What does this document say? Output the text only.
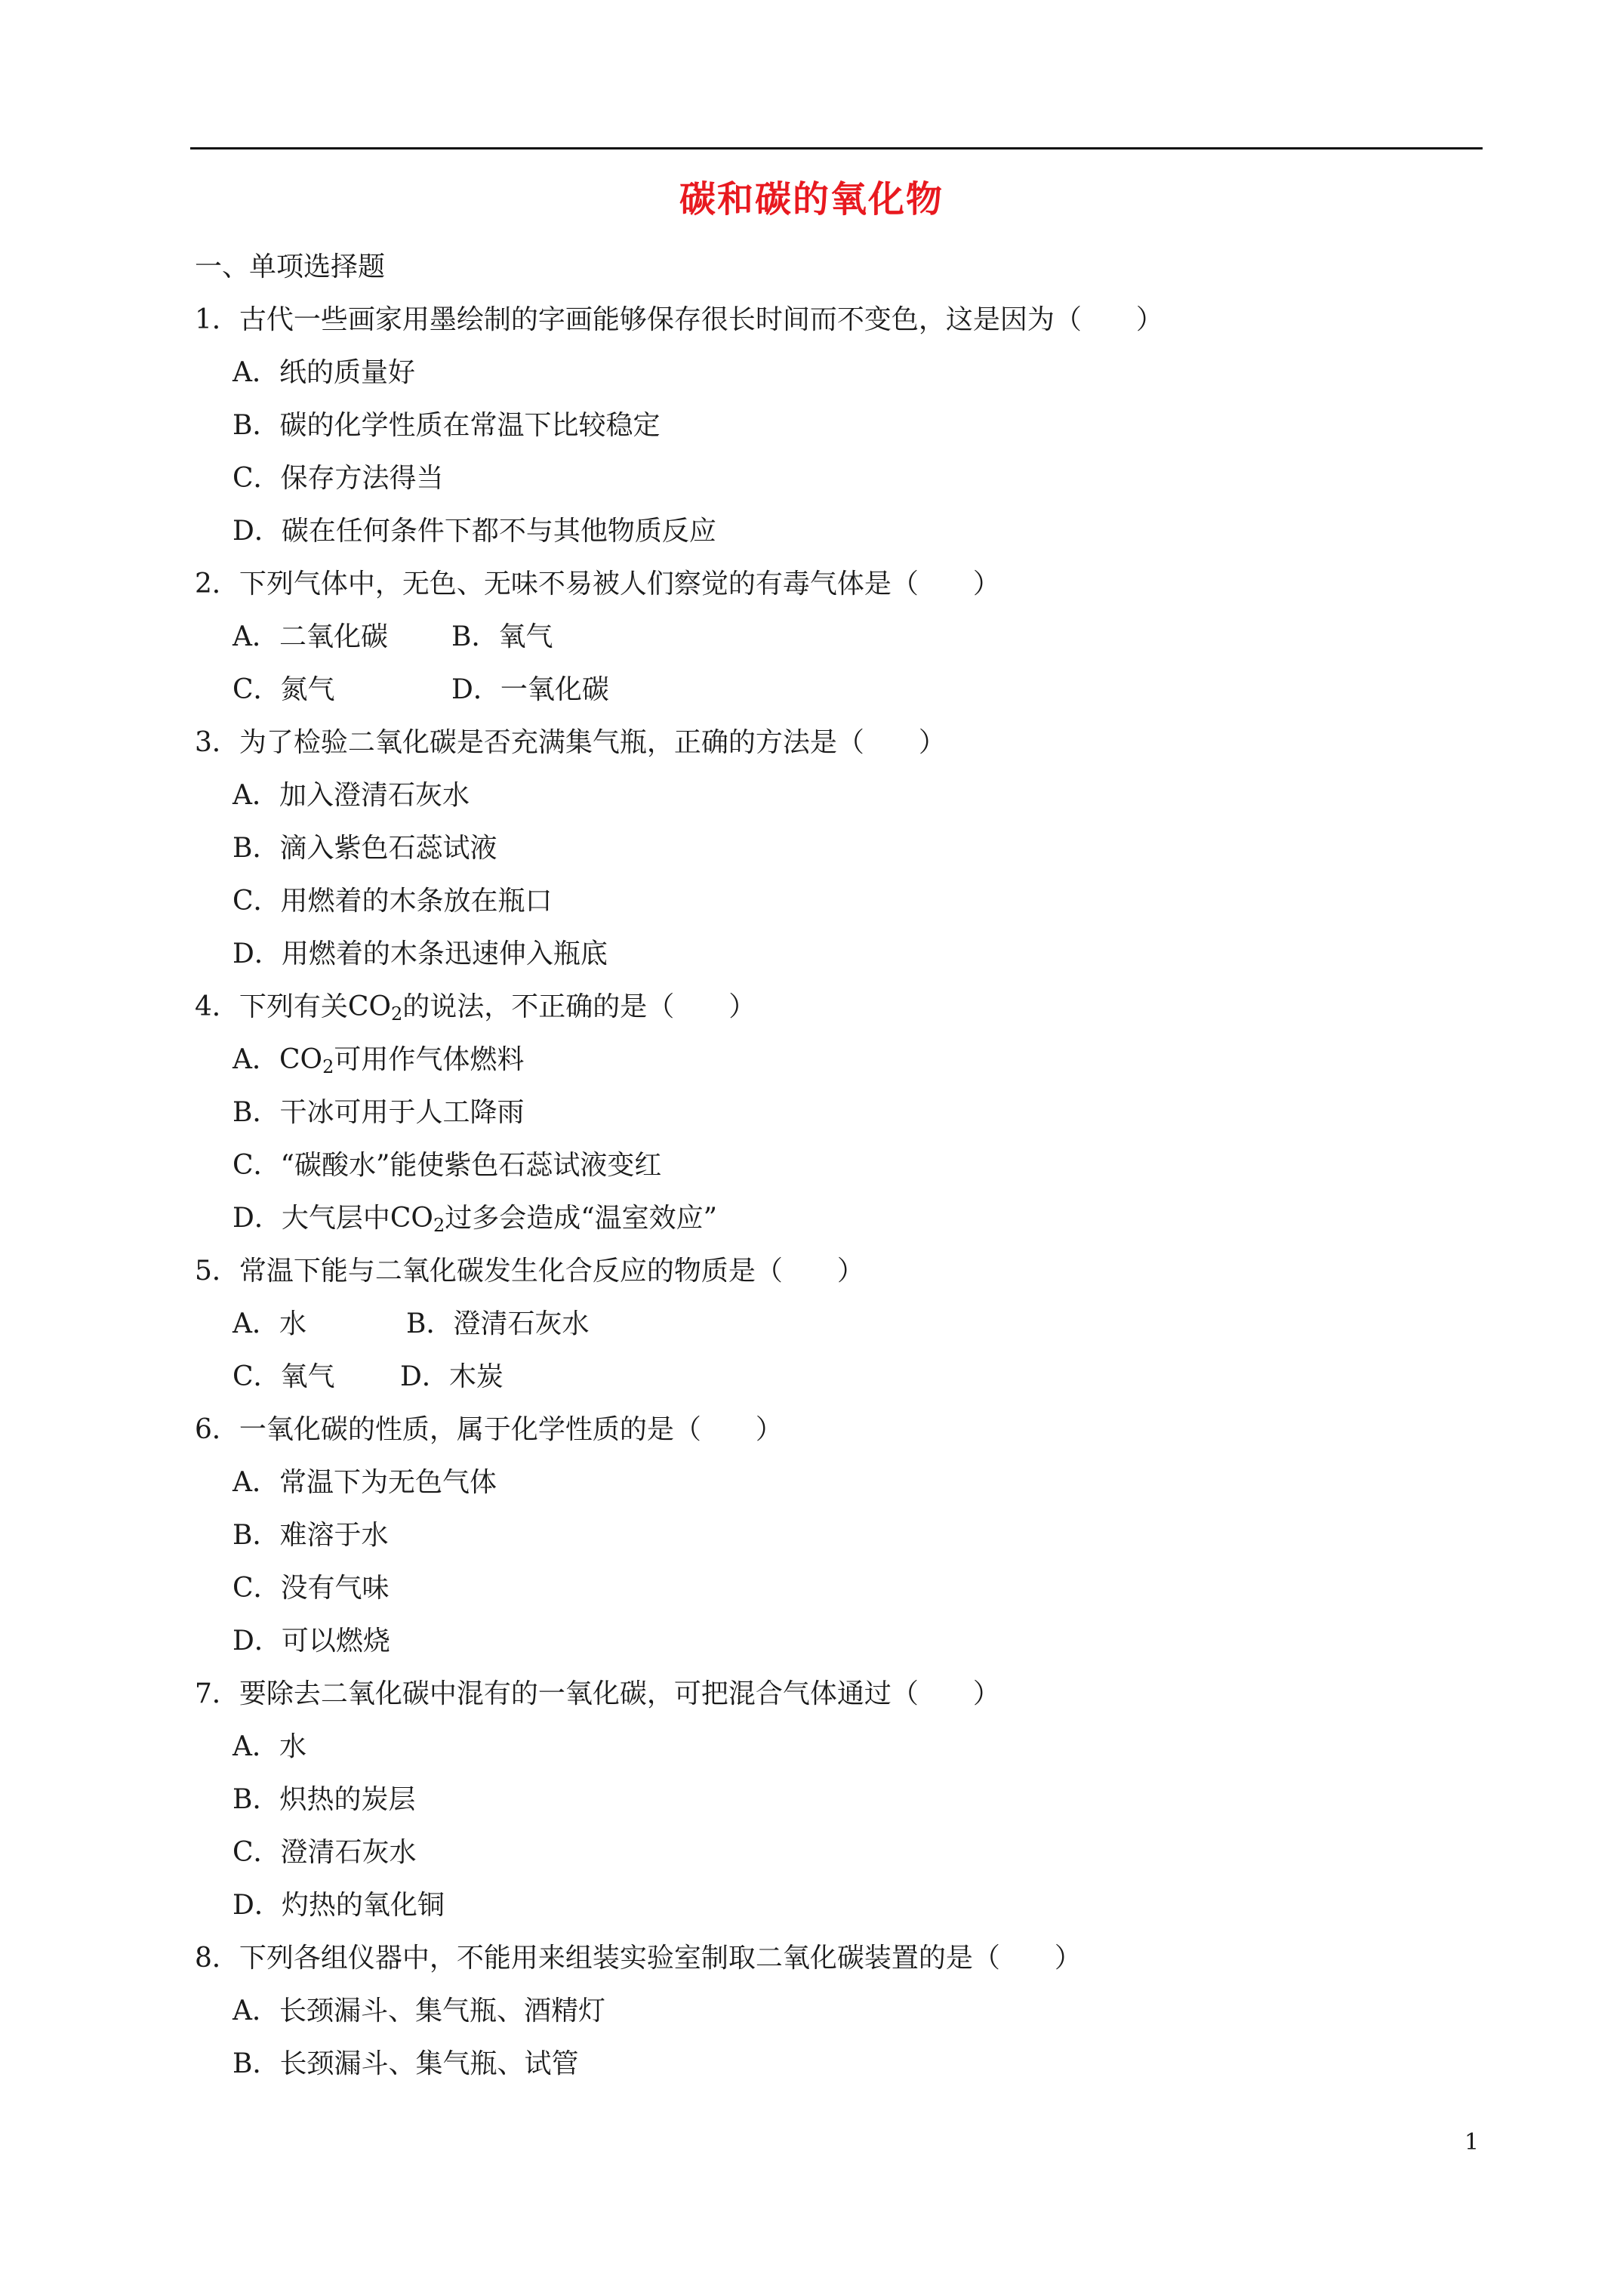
碳和碳的氧化物
一、单项选择题
1．古代一些画家用墨绘制的字画能够保存很长时间而不变色，这是因为（　　）
A．纸的质量好
B．碳的化学性质在常温下比较稳定
C．保存方法得当
D．碳在任何条件下都不与其他物质反应
2．下列气体中，无色、无味不易被人们察觉的有毒气体是（　　）
A．二氧化碳 B．氧气
C．氮气	D．一氧化碳
3．为了检验二氧化碳是否充满集气瓶，正确的方法是（　　）
A．加入澄清石灰水
B．滴入紫色石蕊试液
C．用燃着的木条放在瓶口
D．用燃着的木条迅速伸入瓶底
4．下列有关$CO_2$的说法，不正确的是（　　）
A．$CO_2$可用作气体燃料
B．干冰可用于人工降雨
C．“碳酸水”能使紫色石蕊试液变红
D．大气层中$CO_2$过多会造成“温室效应”
5．常温下能与二氧化碳发生化合反应的物质是（　　）
A．水	B．澄清石灰水
C．氧气 D．木炭
6．一氧化碳的性质，属于化学性质的是（　　）
A．常温下为无色气体
B．难溶于水
C．没有气味
D．可以燃烧
7．要除去二氧化碳中混有的一氧化碳，可把混合气体通过（　　）
A．水
B．炽热的炭层
C．澄清石灰水
D．灼热的氧化铜
8．下列各组仪器中，不能用来组装实验室制取二氧化碳装置的是（　　）
A．长颈漏斗、集气瓶、酒精灯
B．长颈漏斗、集气瓶、试管
1
